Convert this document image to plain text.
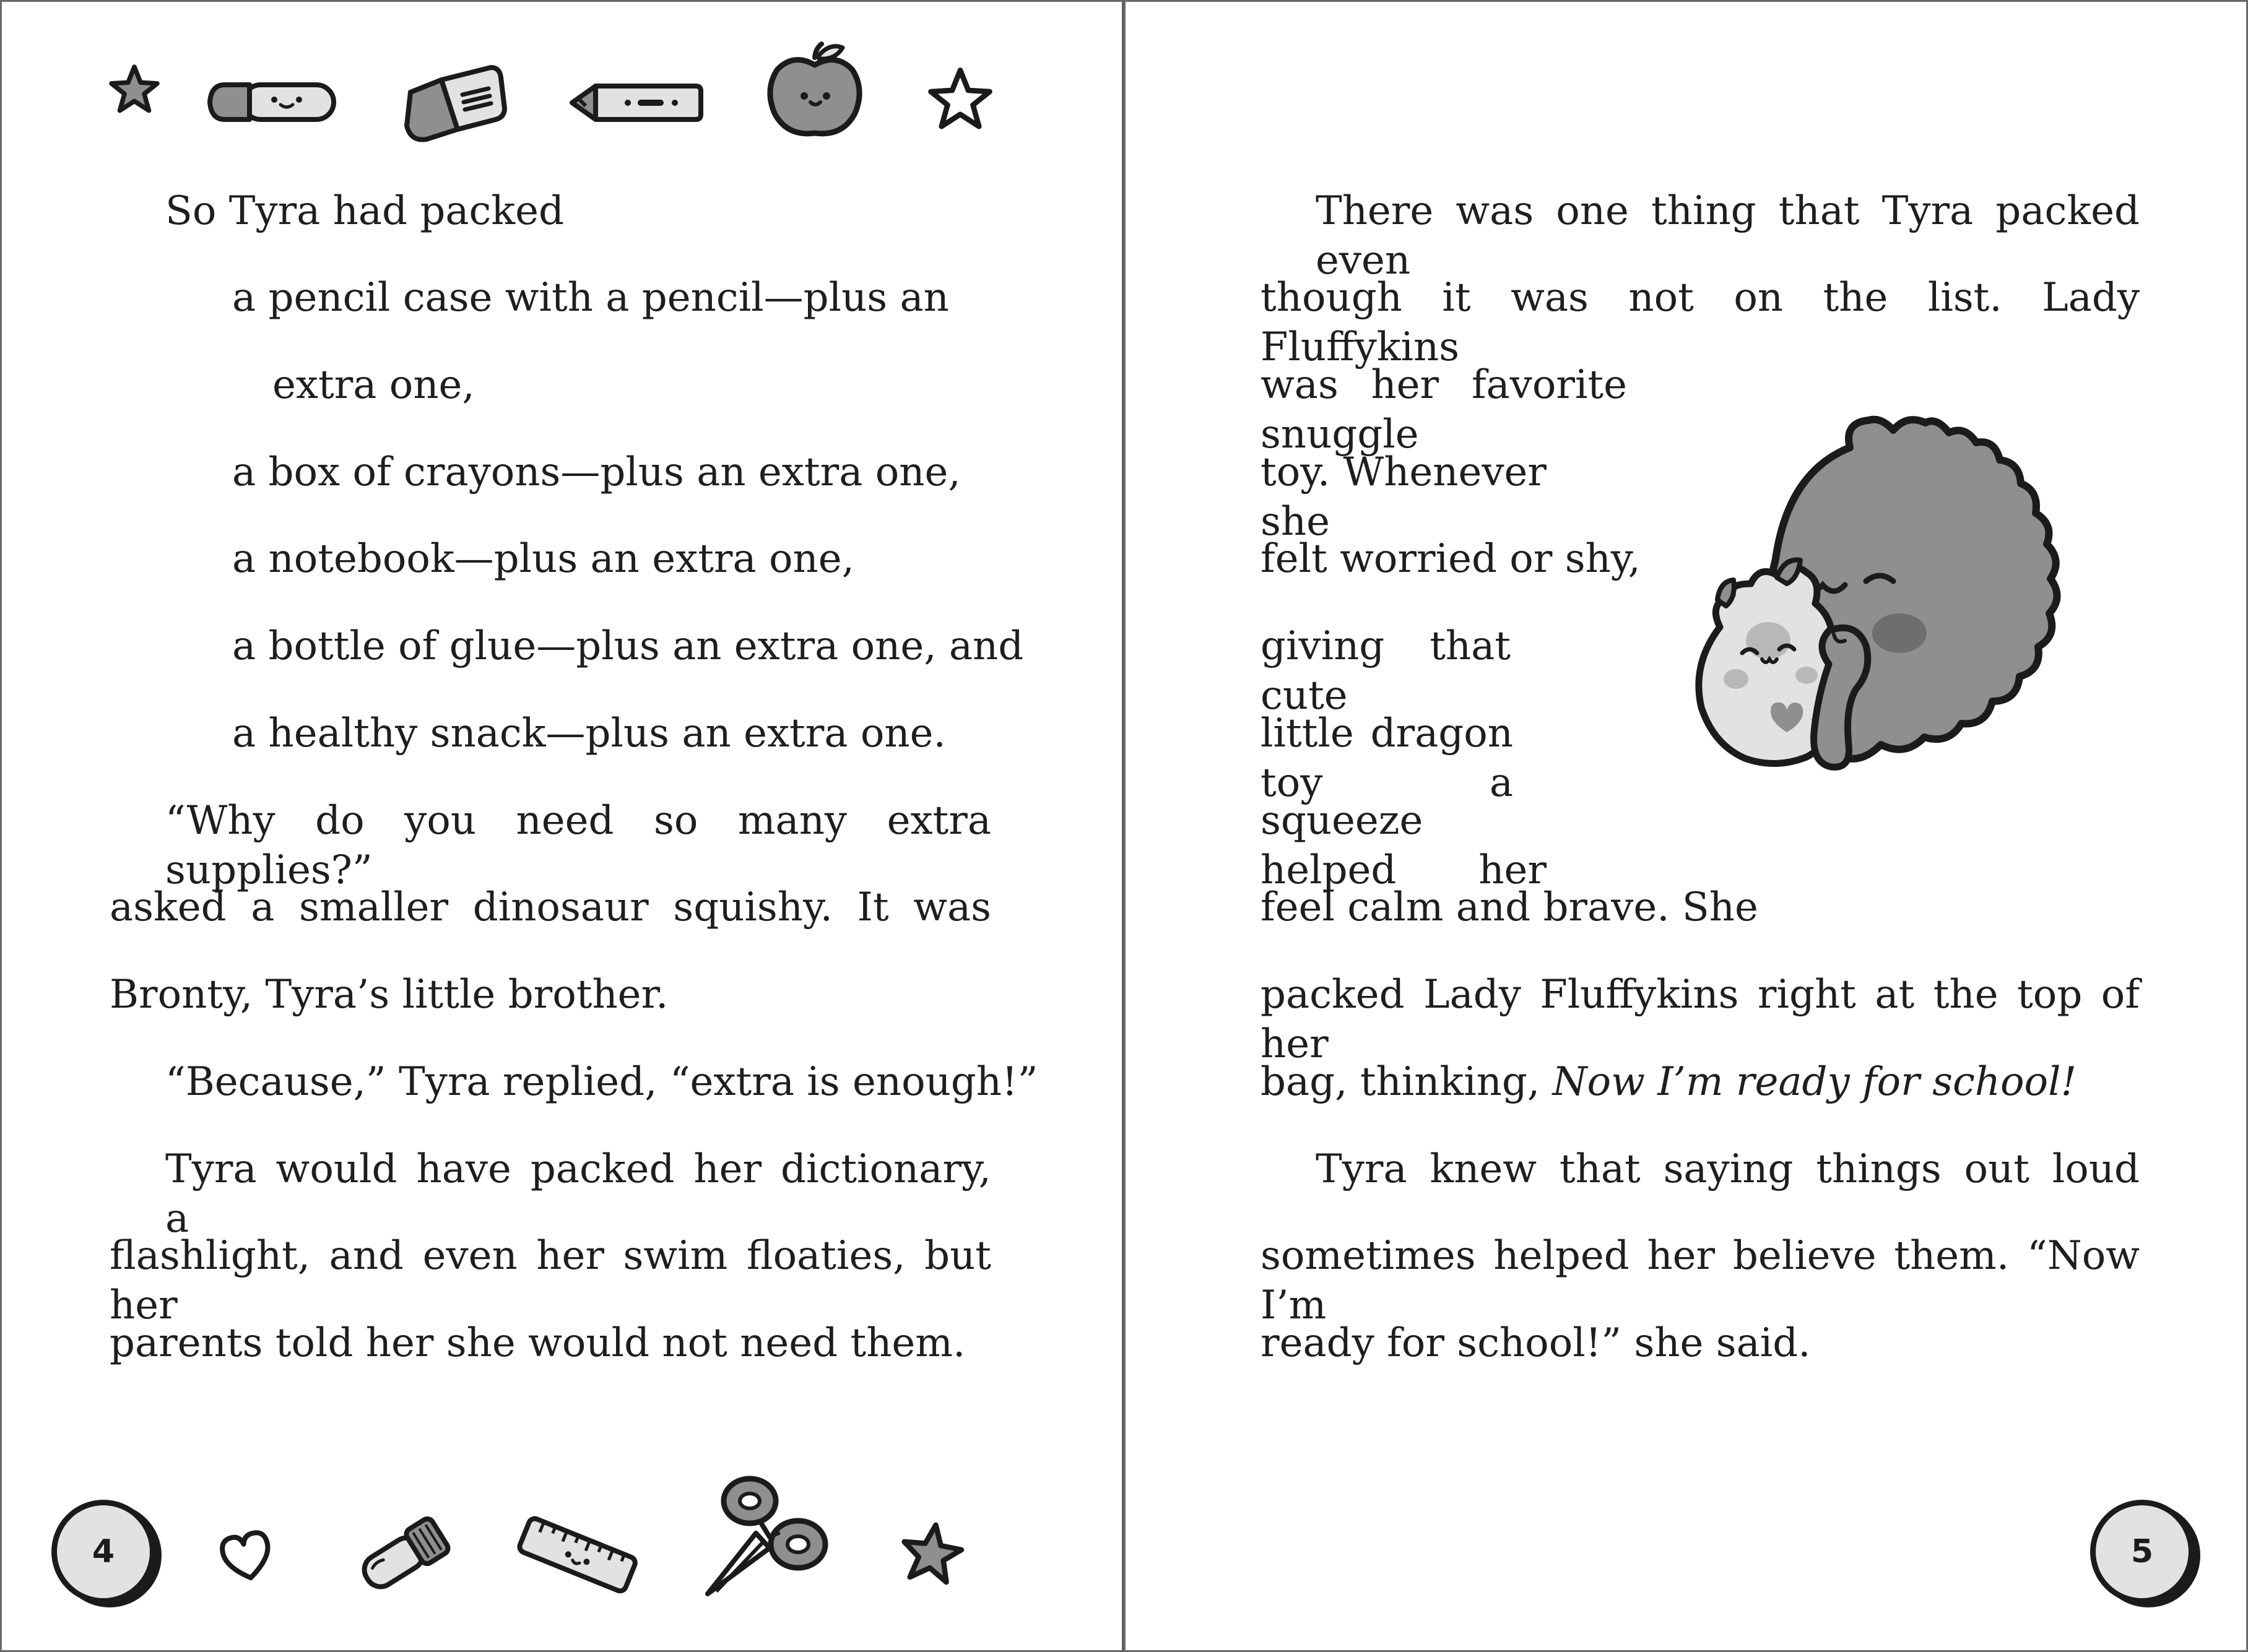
So Tyra had packed
a pencil case with a pencil—plus an
extra one,
a box of crayons—plus an extra one,
a notebook—plus an extra one,
a bottle of glue—plus an extra one, and
a healthy snack—plus an extra one.
“Why do you need so many extra supplies?”
asked a smaller dinosaur squishy. It was
Bronty, Tyra’s little brother.
“Because,” Tyra replied, “extra is enough!”
Tyra would have packed her dictionary, a
flashlight, and even her swim floaties, but her
parents told her she would not need them.
4
There was one thing that Tyra packed even
though it was not on the list. Lady Fluffykins
was her favorite snuggle
toy. Whenever she
felt worried or shy,
giving that cute
little dragon toy a
squeeze helped her
feel calm and brave. She
packed Lady Fluffykins right at the top of her
bag, thinking, Now I’m ready for school!
Tyra knew that saying things out loud
sometimes helped her believe them. “Now I’m
ready for school!” she said.
5
